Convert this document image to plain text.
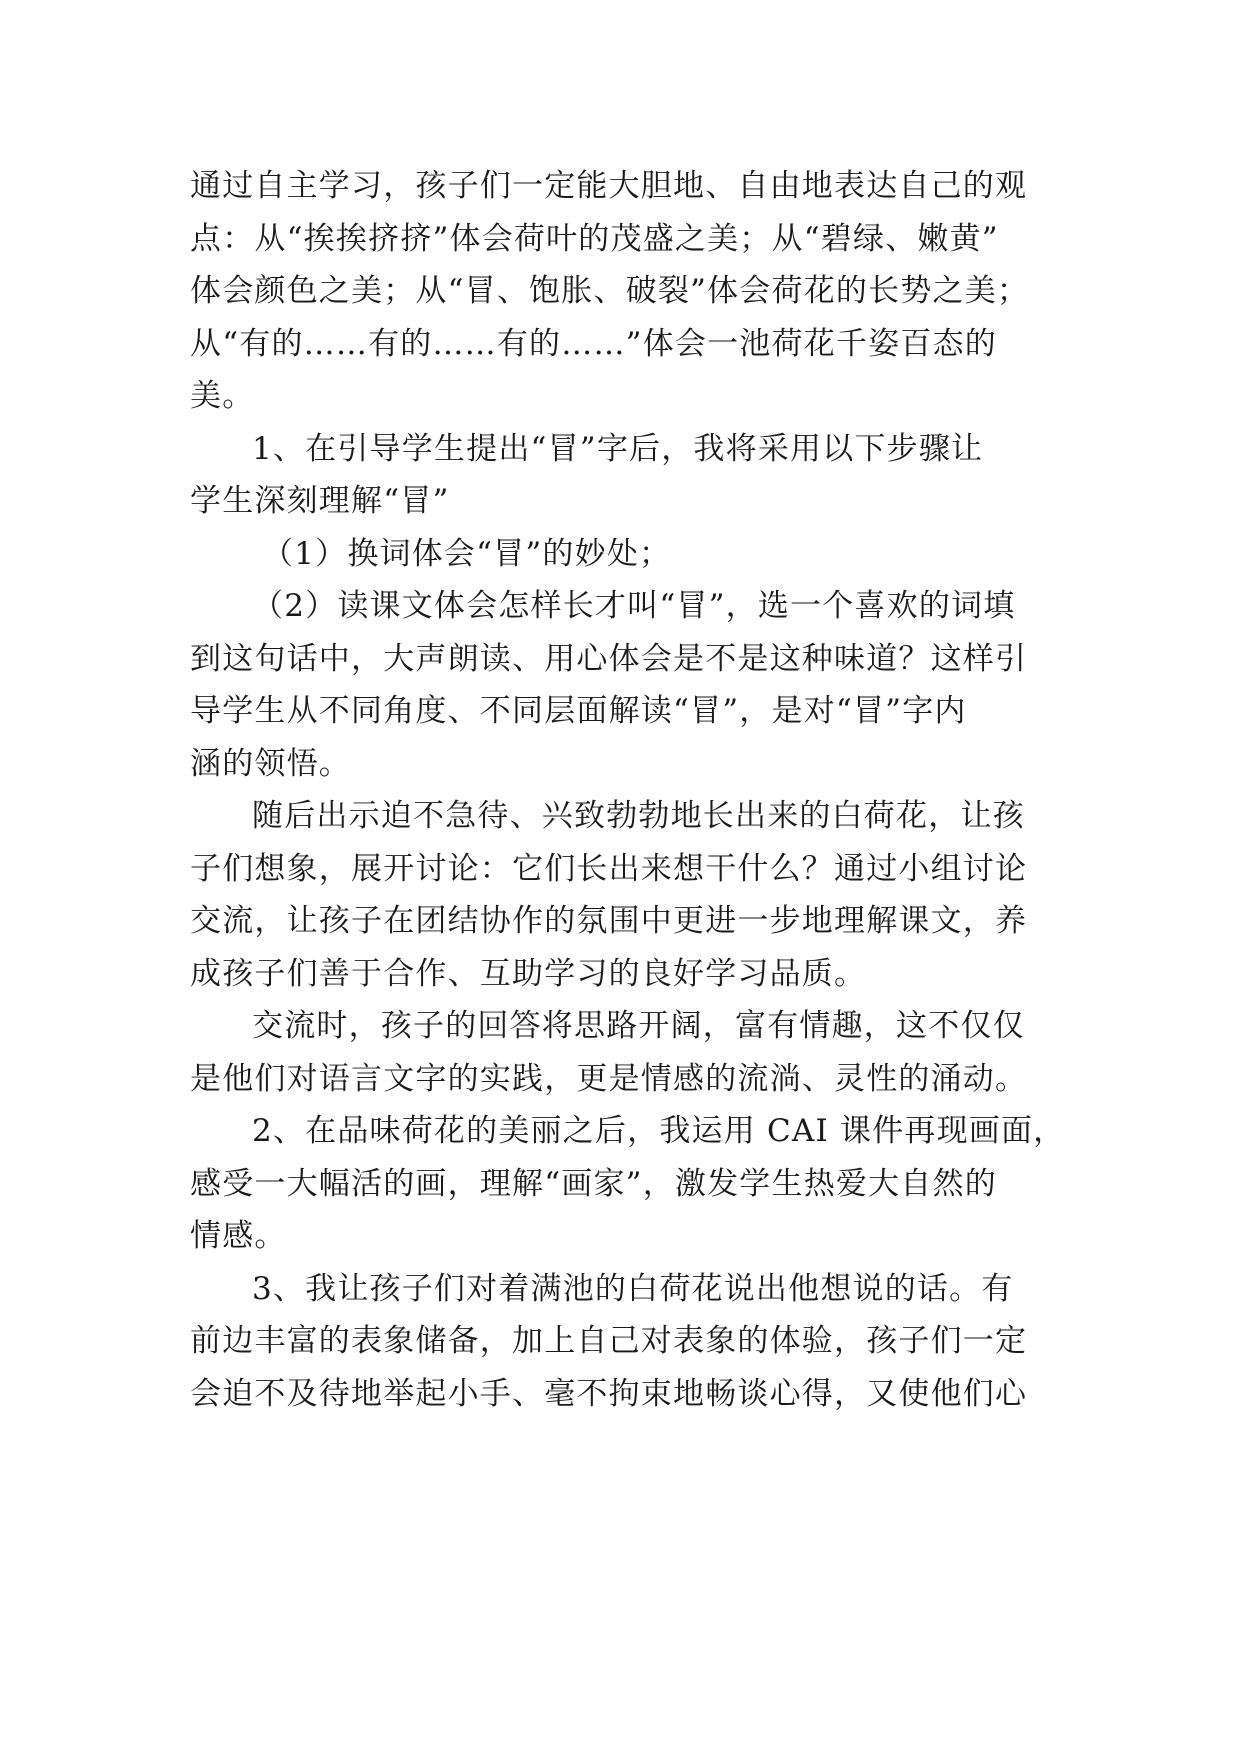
通过自主学习，孩子们一定能大胆地、自由地表达自己的观
点：从“挨挨挤挤”体会荷叶的茂盛之美；从“碧绿、嫩黄”
体会颜色之美；从“冒、饱胀、破裂”体会荷花的长势之美；
从“有的……有的……有的……”体会一池荷花千姿百态的
美。
1、在引导学生提出“冒”字后，我将采用以下步骤让
学生深刻理解“冒”
（1）换词体会“冒”的妙处；
（2）读课文体会怎样长才叫“冒”，选一个喜欢的词填
到这句话中，大声朗读、用心体会是不是这种味道？这样引
导学生从不同角度、不同层面解读“冒”，是对“冒”字内
涵的领悟。
随后出示迫不急待、兴致勃勃地长出来的白荷花，让孩
子们想象，展开讨论：它们长出来想干什么？通过小组讨论
交流，让孩子在团结协作的氛围中更进一步地理解课文，养
成孩子们善于合作、互助学习的良好学习品质。
交流时，孩子的回答将思路开阔，富有情趣，这不仅仅
是他们对语言文字的实践，更是情感的流淌、灵性的涌动。
2、在品味荷花的美丽之后，我运用 CAI 课件再现画面，
感受一大幅活的画，理解“画家”，激发学生热爱大自然的
情感。
3、我让孩子们对着满池的白荷花说出他想说的话。有
前边丰富的表象储备，加上自己对表象的体验，孩子们一定
会迫不及待地举起小手、毫不拘束地畅谈心得，又使他们心
